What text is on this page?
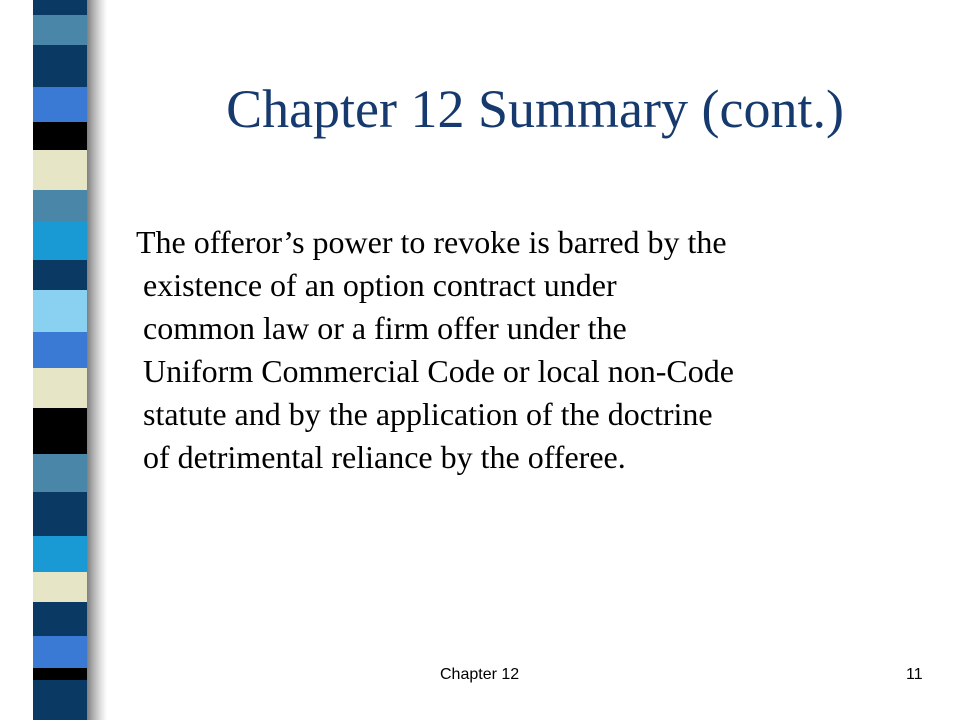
Chapter 12 Summary (cont.)

The offeror’s power to revoke is barred by the
existence of an option contract under
common law or a firm offer under the
Uniform Commercial Code or local non-Code
statute and by the application of the doctrine
of detrimental reliance by the offeree.

Chapter 12	11
